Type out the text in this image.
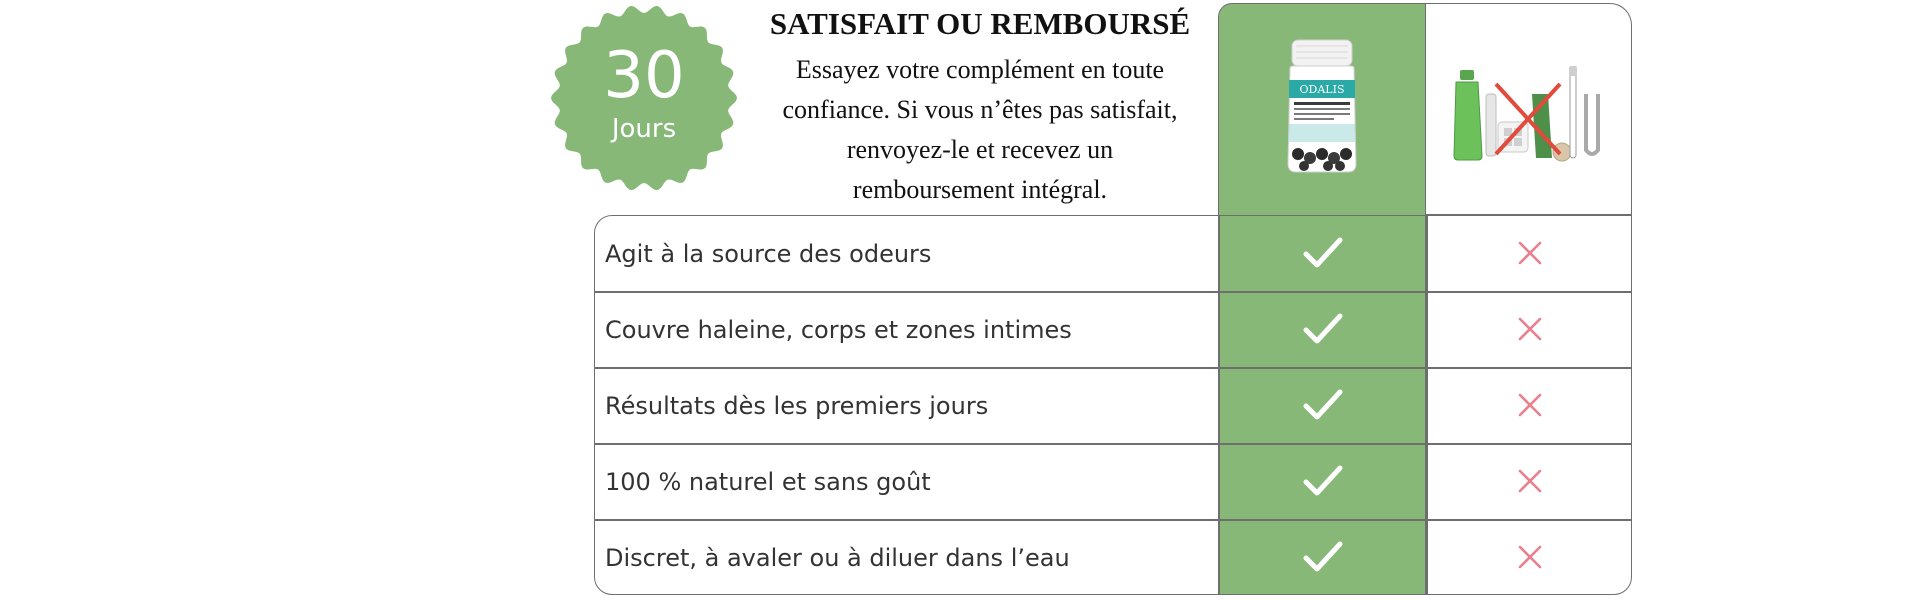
30
Jours
SATISFAIT OU REMBOURSÉ
Essayez votre complément en toute
confiance. Si vous n’êtes pas satisfait,
renvoyez-le et recevez un
remboursement intégral.
ODALIS
Agit à la source des odeurs
Couvre haleine, corps et zones intimes
Résultats dès les premiers jours
100 % naturel et sans goût
Discret, à avaler ou à diluer dans l’eau
